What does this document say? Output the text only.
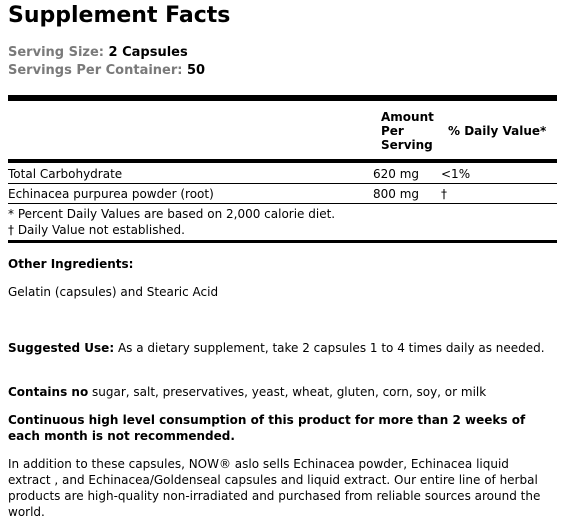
Supplement Facts
Serving Size: 2 Capsules
Servings Per Container: 50
Amount
Per
Serving
% Daily Value*
Total Carbohydrate	620 mg <1%
Echinacea purpurea powder (root)	800 mg †
* Percent Daily Values are based on 2,000 calorie diet.
† Daily Value not established.
Other Ingredients:
Gelatin (capsules) and Stearic Acid
Suggested Use: As a dietary supplement, take 2 capsules 1 to 4 times daily as needed.
Contains no sugar, salt, preservatives, yeast, wheat, gluten, corn, soy, or milk
Continuous high level consumption of this product for more than 2 weeks of each month is not recommended.
In addition to these capsules, NOW® aslo sells Echinacea powder, Echinacea liquid extract , and Echinacea/Goldenseal capsules and liquid extract. Our entire line of herbal products are high-quality non-irradiated and purchased from reliable sources around the world.
